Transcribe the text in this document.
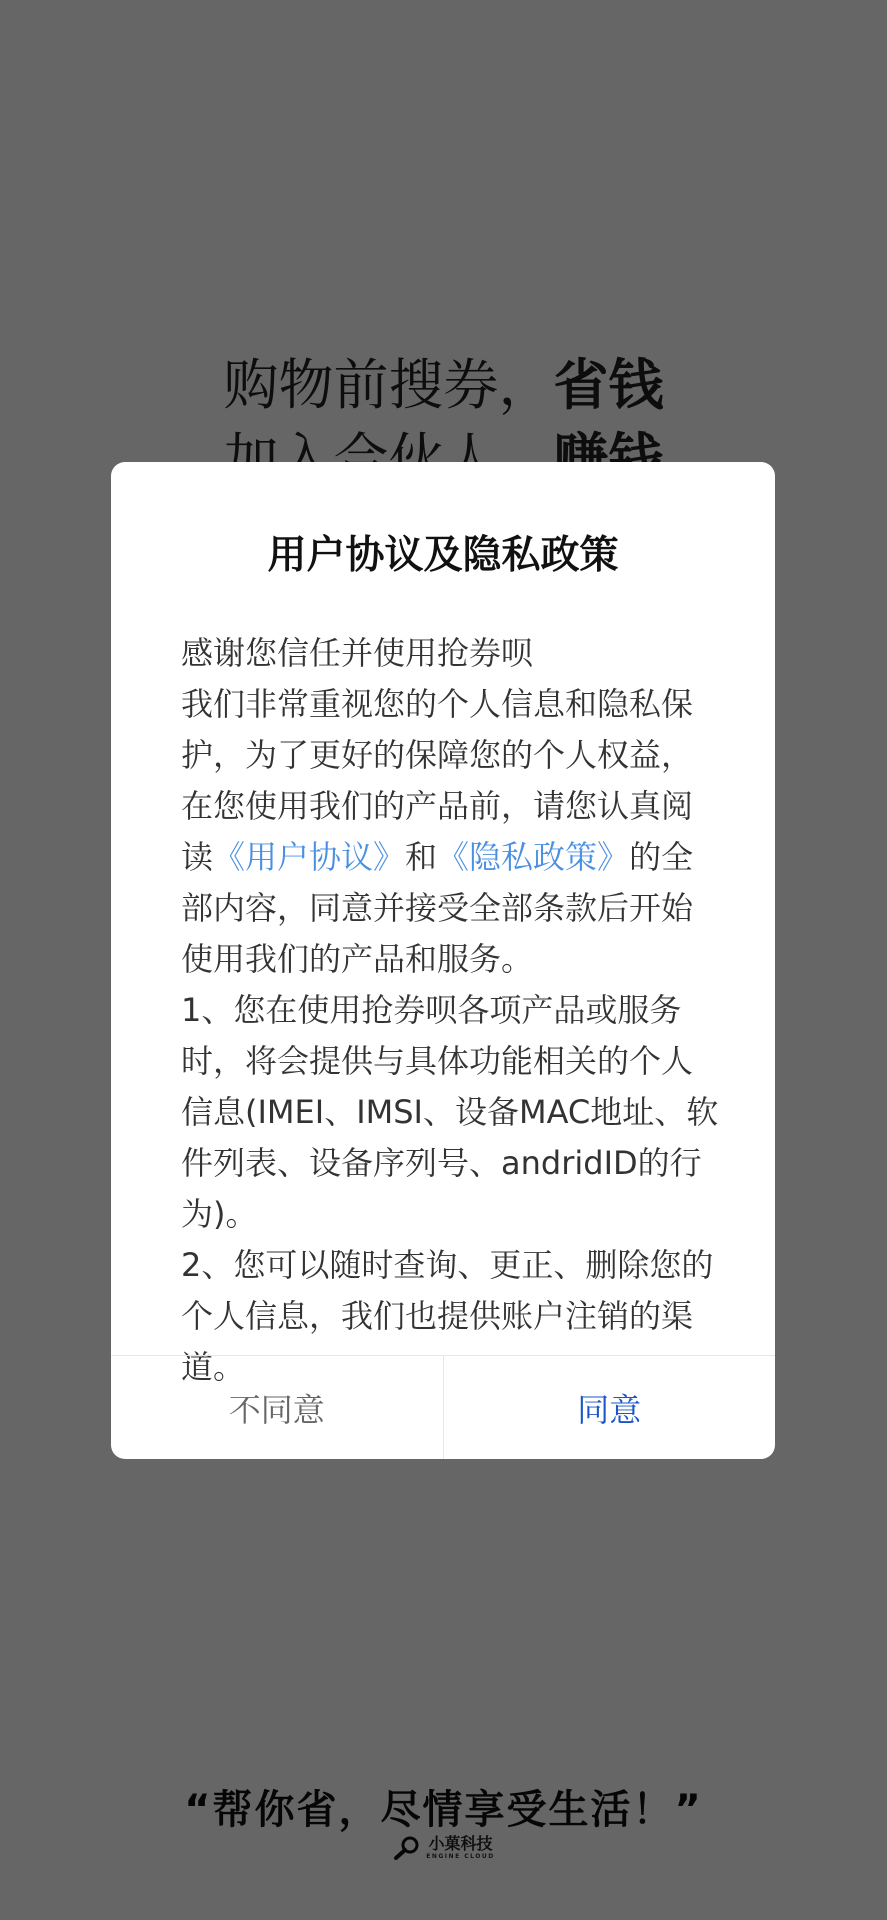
用户协议及隐私政策

感谢您信任并使用抢券呗

我们非常重视您的个人信息和隐私保护，为了更好的保障您的个人权益，在您使用我们的产品前，请您认真阅读《用户协议》和《隐私政策》的全部内容，同意并接受全部条款后开始使用我们的产品和服务。

1、您在使用抢券呗各项产品或服务时，将会提供与具体功能相关的个人信息(IMEI、IMSI、设备MAC地址、软件列表、设备序列号、andridID的行为)。

2、您可以随时查询、更正、删除您的个人信息，我们也提供账户注销的渠道。

不同意	同意
